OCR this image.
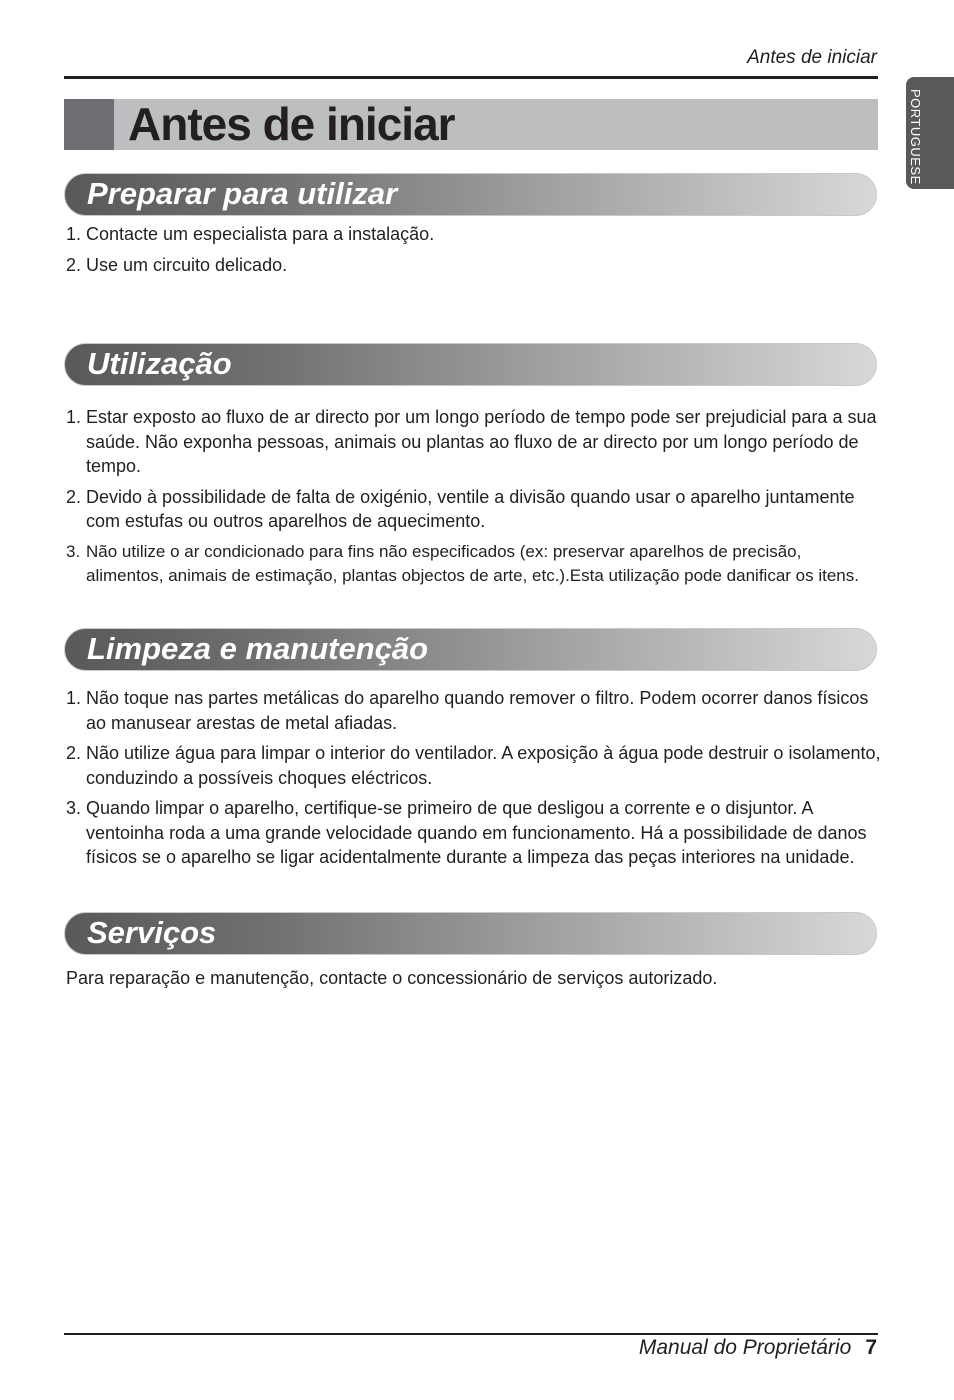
Antes de iniciar
PORTUGUESE
Antes de iniciar
Preparar para utilizar
1. Contacte um especialista para a instalação.
2. Use um circuito delicado.
Utilização
1. Estar exposto ao fluxo de ar directo por um longo período de tempo pode ser prejudicial para a sua saúde. Não exponha pessoas, animais ou plantas ao fluxo de ar directo por um longo período de tempo.
2. Devido à possibilidade de falta de oxigénio, ventile a divisão quando usar o aparelho juntamente com estufas ou outros aparelhos de aquecimento.
3. Não utilize o ar condicionado para fins não especificados (ex: preservar aparelhos de precisão, alimentos, animais de estimação, plantas objectos de arte, etc.).Esta utilização pode danificar os itens.
Limpeza e manutenção
1. Não toque nas partes metálicas do aparelho quando remover o filtro. Podem ocorrer danos físicos ao manusear arestas de metal afiadas.
2. Não utilize água para limpar o interior do ventilador. A exposição à água pode destruir o isolamento, conduzindo a possíveis choques eléctricos.
3. Quando limpar o aparelho, certifique-se primeiro de que desligou a corrente e o disjuntor. A ventoinha roda a uma grande velocidade quando em funcionamento. Há a possibilidade de danos físicos se o aparelho se ligar acidentalmente durante a limpeza das peças interiores na unidade.
Serviços

Para reparação e manutenção, contacte o concessionário de serviços autorizado.

Manual do Proprietário 7
